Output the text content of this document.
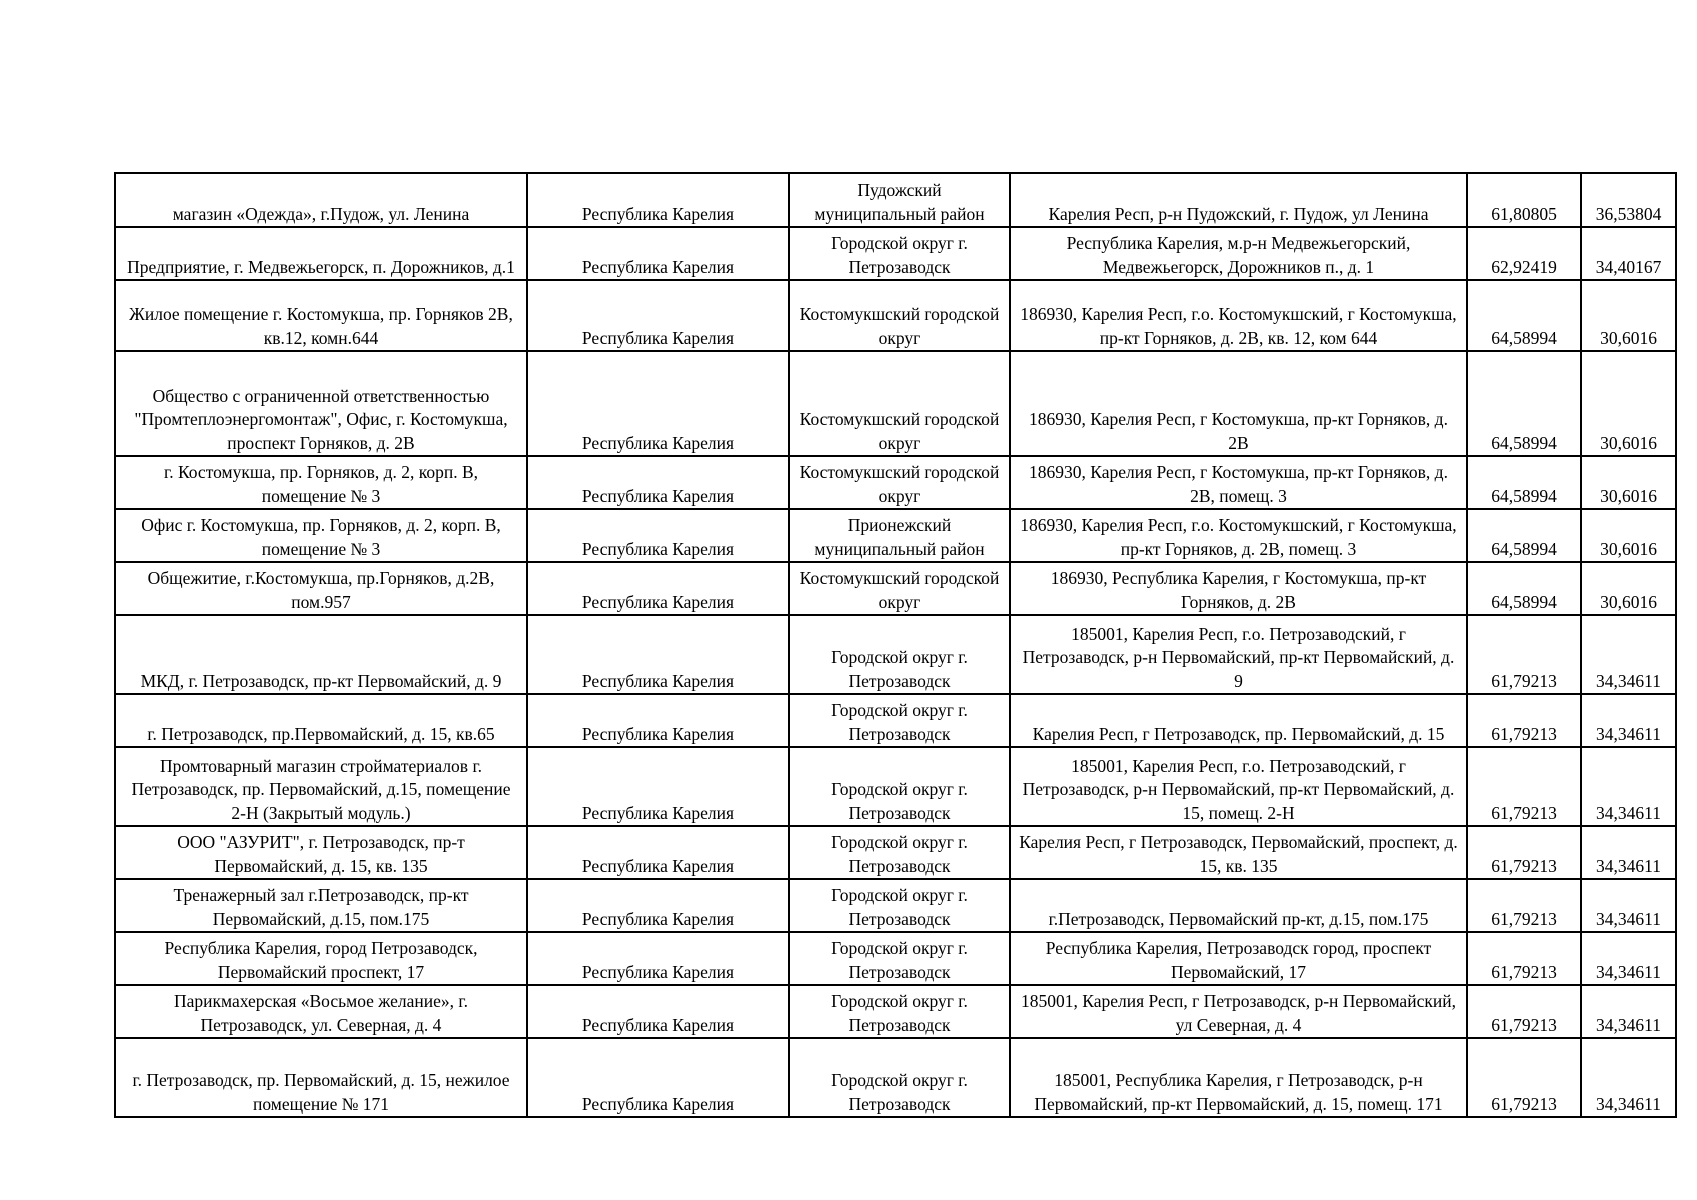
магазин «Одежда», г.Пудож, ул. Ленина	Республика Карелия	Пудожский муниципальный район	Карелия Респ, р-н Пудожский, г. Пудож, ул Ленина	61,80805	36,53804
Предприятие, г. Медвежьегорск, п. Дорожников, д.1	Республика Карелия	Городской округ г. Петрозаводск	Республика Карелия, м.р-н Медвежьегорский, Медвежьегорск, Дорожников п., д. 1	62,92419	34,40167
Жилое помещение г. Костомукша, пр. Горняков 2В, кв.12, комн.644	Республика Карелия	Костомукшский городской округ	186930, Карелия Респ, г.о. Костомукшский, г Костомукша, пр-кт Горняков, д. 2В, кв. 12, ком 644	64,58994	30,6016
Общество с ограниченной ответственностью "Промтеплоэнергомонтаж", Офис, г. Костомукша, проспект Горняков, д. 2В	Республика Карелия	Костомукшский городской округ	186930, Карелия Респ, г Костомукша, пр-кт Горняков, д. 2В	64,58994	30,6016
г. Костомукша, пр. Горняков, д. 2, корп. В, помещение № 3	Республика Карелия	Костомукшский городской округ	186930, Карелия Респ, г Костомукша, пр-кт Горняков, д. 2В, помещ. 3	64,58994	30,6016
Офис г. Костомукша, пр. Горняков, д. 2, корп. В, помещение № 3	Республика Карелия	Прионежский муниципальный район	186930, Карелия Респ, г.о. Костомукшский, г Костомукша, пр-кт Горняков, д. 2В, помещ. 3	64,58994	30,6016
Общежитие, г.Костомукша, пр.Горняков, д.2В, пом.957	Республика Карелия	Костомукшский городской округ	186930, Республика Карелия, г Костомукша, пр-кт Горняков, д. 2В	64,58994	30,6016
МКД, г. Петрозаводск, пр-кт Первомайский, д. 9	Республика Карелия	Городской округ г. Петрозаводск	185001, Карелия Респ, г.о. Петрозаводский, г Петрозаводск, р-н Первомайский, пр-кт Первомайский, д. 9	61,79213	34,34611
г. Петрозаводск, пр.Первомайский, д. 15, кв.65	Республика Карелия	Городской округ г. Петрозаводск	Карелия Респ, г Петрозаводск, пр. Первомайский, д. 15	61,79213	34,34611
Промтоварный магазин стройматериалов г. Петрозаводск, пр. Первомайский, д.15, помещение 2-Н (Закрытый модуль.)	Республика Карелия	Городской округ г. Петрозаводск	185001, Карелия Респ, г.о. Петрозаводский, г Петрозаводск, р-н Первомайский, пр-кт Первомайский, д. 15, помещ. 2-Н	61,79213	34,34611
ООО "АЗУРИТ", г. Петрозаводск, пр-т Первомайский, д. 15, кв. 135	Республика Карелия	Городской округ г. Петрозаводск	Карелия Респ, г Петрозаводск, Первомайский, проспект, д. 15, кв. 135	61,79213	34,34611
Тренажерный зал г.Петрозаводск, пр-кт Первомайский, д.15, пом.175	Республика Карелия	Городской округ г. Петрозаводск	г.Петрозаводск, Первомайский пр-кт, д.15, пом.175	61,79213	34,34611
Республика Карелия, город Петрозаводск, Первомайский проспект, 17	Республика Карелия	Городской округ г. Петрозаводск	Республика Карелия, Петрозаводск город, проспект Первомайский, 17	61,79213	34,34611
Парикмахерская «Восьмое желание», г. Петрозаводск, ул. Северная, д. 4	Республика Карелия	Городской округ г. Петрозаводск	185001, Карелия Респ, г Петрозаводск, р-н Первомайский, ул Северная, д. 4	61,79213	34,34611
г. Петрозаводск, пр. Первомайский, д. 15, нежилое помещение № 171	Республика Карелия	Городской округ г. Петрозаводск	185001, Республика Карелия, г Петрозаводск, р-н Первомайский, пр-кт Первомайский, д. 15, помещ. 171	61,79213	34,34611
